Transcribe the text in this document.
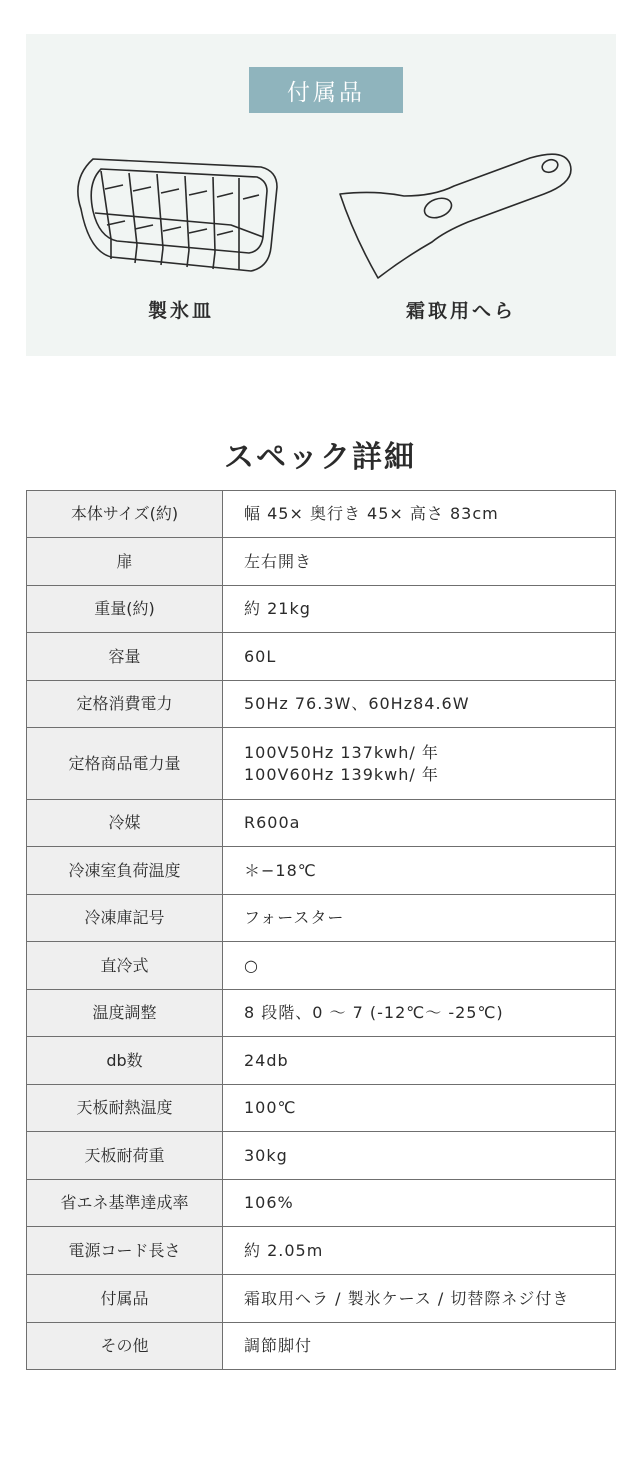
付属品
製氷皿	霜取用へら
スペック詳細
本体サイズ(約)	幅 45× 奥行き 45× 高さ 83cm

扉	左右開き

重量(約)	約 21kg

容量	60L

定格消費電力	50Hz 76.3W、60Hz84.6W

定格商品電力量	100V50Hz 137kwh/ 年
100V60Hz 139kwh/ 年

冷媒	R600a

冷凍室負荷温度	＊−18℃

冷凍庫記号	フォースター

直冷式	○

温度調整	8 段階、0 ～ 7 (-12℃～ -25℃)

db数	24db

天板耐熱温度	100℃

天板耐荷重	30kg

省エネ基準達成率	106%

電源コード長さ	約 2.05m

付属品	霜取用ヘラ / 製氷ケース / 切替際ネジ付き

その他	調節脚付
